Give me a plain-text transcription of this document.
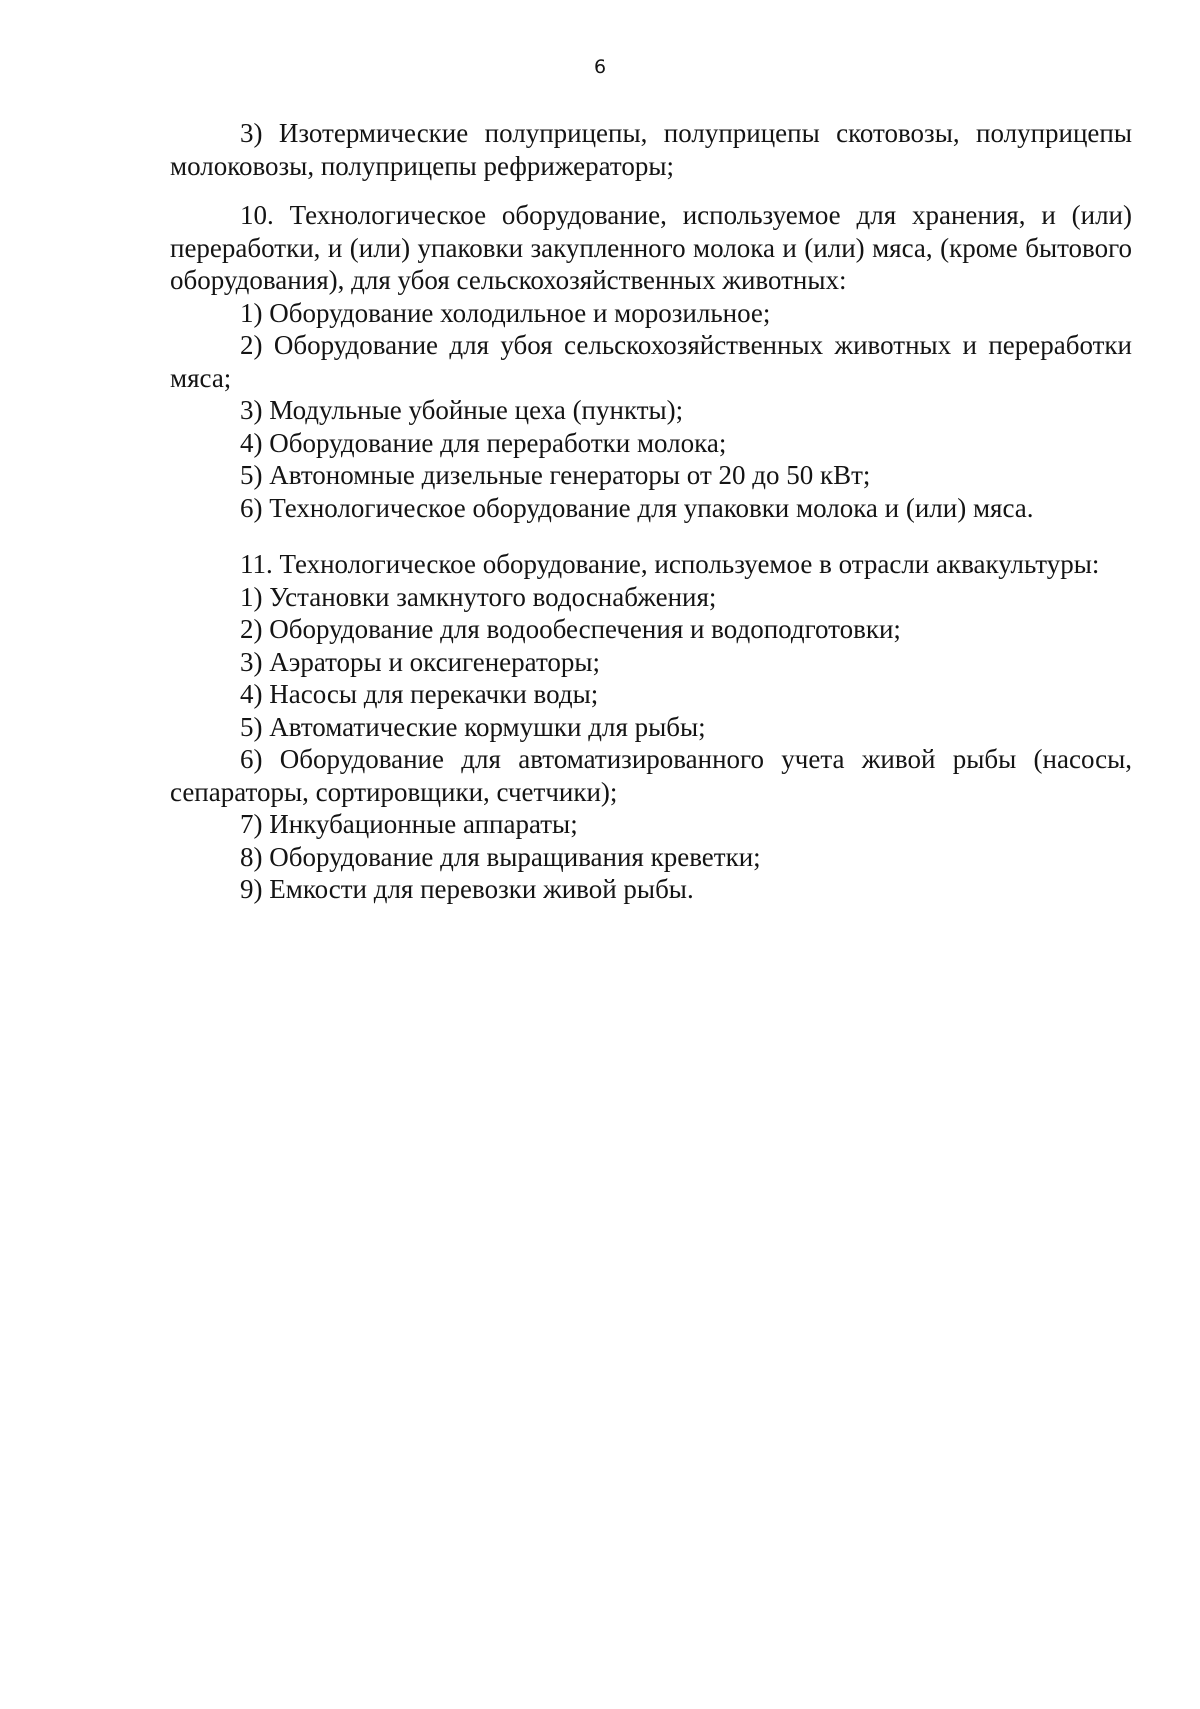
6

3) Изотермические полуприцепы, полуприцепы скотовозы, полуприцепы молоковозы, полуприцепы рефрижераторы;

10. Технологическое оборудование, используемое для хранения, и (или) переработки, и (или) упаковки закупленного молока и (или) мяса, (кроме бытового оборудования), для убоя сельскохозяйственных животных:

1) Оборудование холодильное и морозильное;

2) Оборудование для убоя сельскохозяйственных животных и переработки мяса;

3) Модульные убойные цеха (пункты);

4) Оборудование для переработки молока;

5) Автономные дизельные генераторы от 20 до 50 кВт;

6) Технологическое оборудование для упаковки молока и (или) мяса.

11. Технологическое оборудование, используемое в отрасли аквакультуры:

1) Установки замкнутого водоснабжения;

2) Оборудование для водообеспечения и водоподготовки;

3) Аэраторы и оксигенераторы;

4) Насосы для перекачки воды;

5) Автоматические кормушки для рыбы;

6) Оборудование для автоматизированного учета живой рыбы (насосы, сепараторы, сортировщики, счетчики);

7) Инкубационные аппараты;

8) Оборудование для выращивания креветки;

9) Емкости для перевозки живой рыбы.
